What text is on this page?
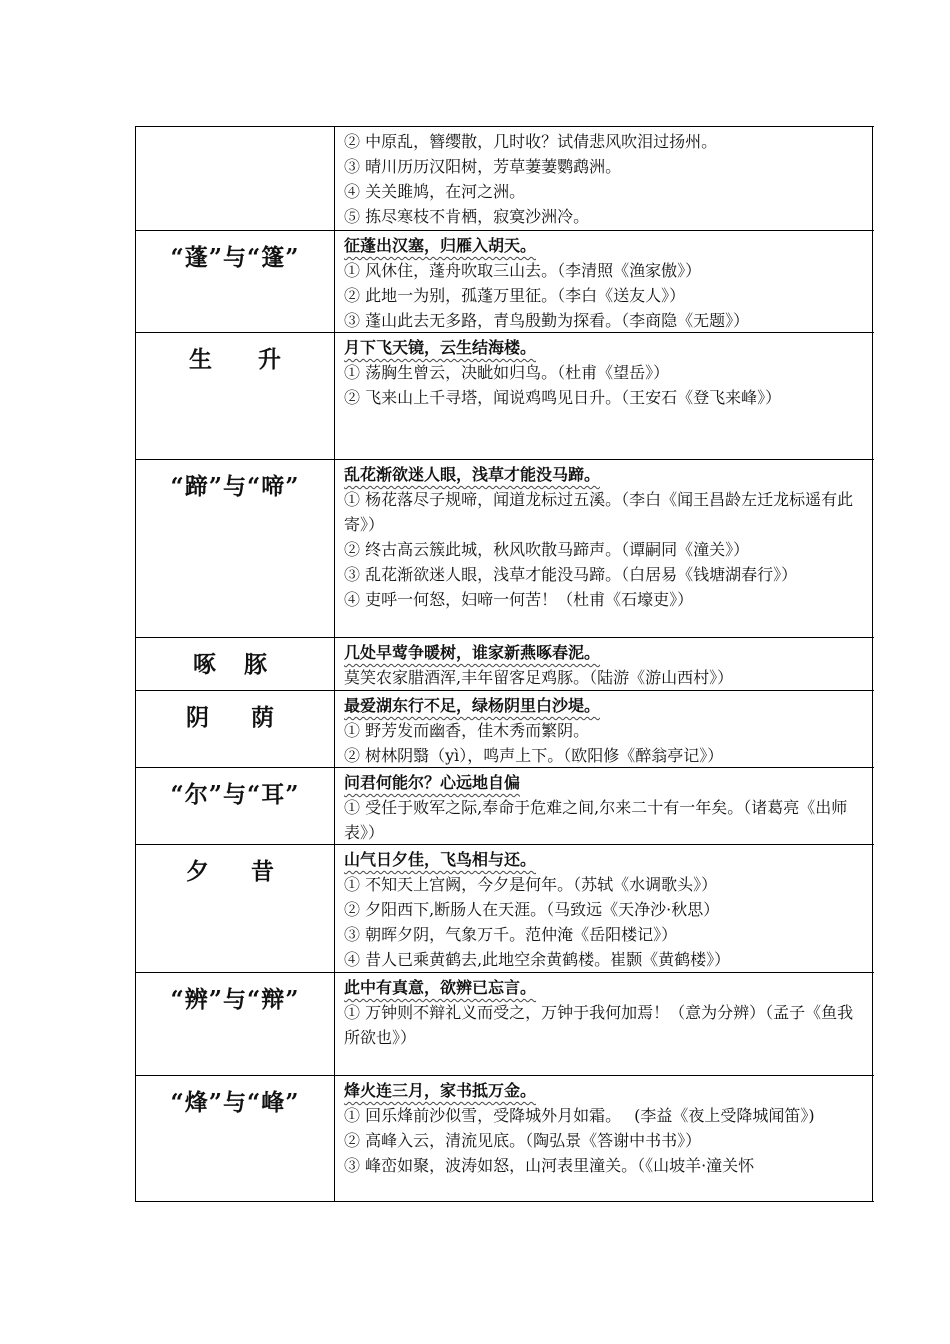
② 中原乱，簪缨散，几时收？试倩悲风吹泪过扬州。

③ 晴川历历汉阳树，芳草萋萋鹦鹉洲。

④ 关关雎鸠，在河之洲。

⑤ 拣尽寒枝不肯栖，寂寞沙洲冷。

“蓬”与“篷”	征蓬出汉塞，归雁入胡天。

① 风休住，蓬舟吹取三山去。（李清照《渔家傲》）

② 此地一为别，孤蓬万里征。（李白《送友人》）

③ 蓬山此去无多路，青鸟殷勤为探看。（李商隐《无题》）

生升	月下飞天镜，云生结海楼。

① 荡胸生曾云，决眦如归鸟。（杜甫《望岳》）

② 飞来山上千寻塔，闻说鸡鸣见日升。（王安石《登飞来峰》）

“蹄”与“啼”	乱花渐欲迷人眼，浅草才能没马蹄。

① 杨花落尽子规啼，闻道龙标过五溪。（李白《闻王昌龄左迁龙标遥有此寄》）

② 终古高云簇此城，秋风吹散马蹄声。（谭嗣同《潼关》）

③ 乱花渐欲迷人眼，浅草才能没马蹄。（白居易《钱塘湖春行》）

④ 吏呼一何怒，妇啼一何苦！（杜甫《石壕吏》）

啄 豚	几处早莺争暖树，谁家新燕啄春泥。

莫笑农家腊酒浑,丰年留客足鸡豚。（陆游《游山西村》）

阴 荫	最爱湖东行不足，绿杨阴里白沙堤。

① 野芳发而幽香，佳木秀而繁阴。

② 树林阴翳（yì），鸣声上下。（欧阳修《醉翁亭记》）

“尔”与“耳”	问君何能尔？心远地自偏

① 受任于败军之际,奉命于危难之间,尔来二十有一年矣。（诸葛亮《出师表》）

夕 昔	山气日夕佳，飞鸟相与还。

① 不知天上宫阙，今夕是何年。（苏轼《水调歌头》）

② 夕阳西下,断肠人在天涯。（马致远《天净沙·秋思）

③ 朝晖夕阴，气象万千。范仲淹《岳阳楼记》）

④ 昔人已乘黄鹤去,此地空余黄鹤楼。崔颢《黄鹤楼》）

“辨”与“辩”	此中有真意，欲辨已忘言。

① 万钟则不辩礼义而受之，万钟于我何加焉！（意为分辨）（孟子《鱼我所欲也》）

“烽”与“峰”	烽火连三月，家书抵万金。

① 回乐烽前沙似雪，受降城外月如霜。　 (李益《夜上受降城闻笛》)

② 高峰入云，清流见底。（陶弘景《答谢中书书》）

③ 峰峦如聚，波涛如怒，山河表里潼关。（《山坡羊·潼关怀
